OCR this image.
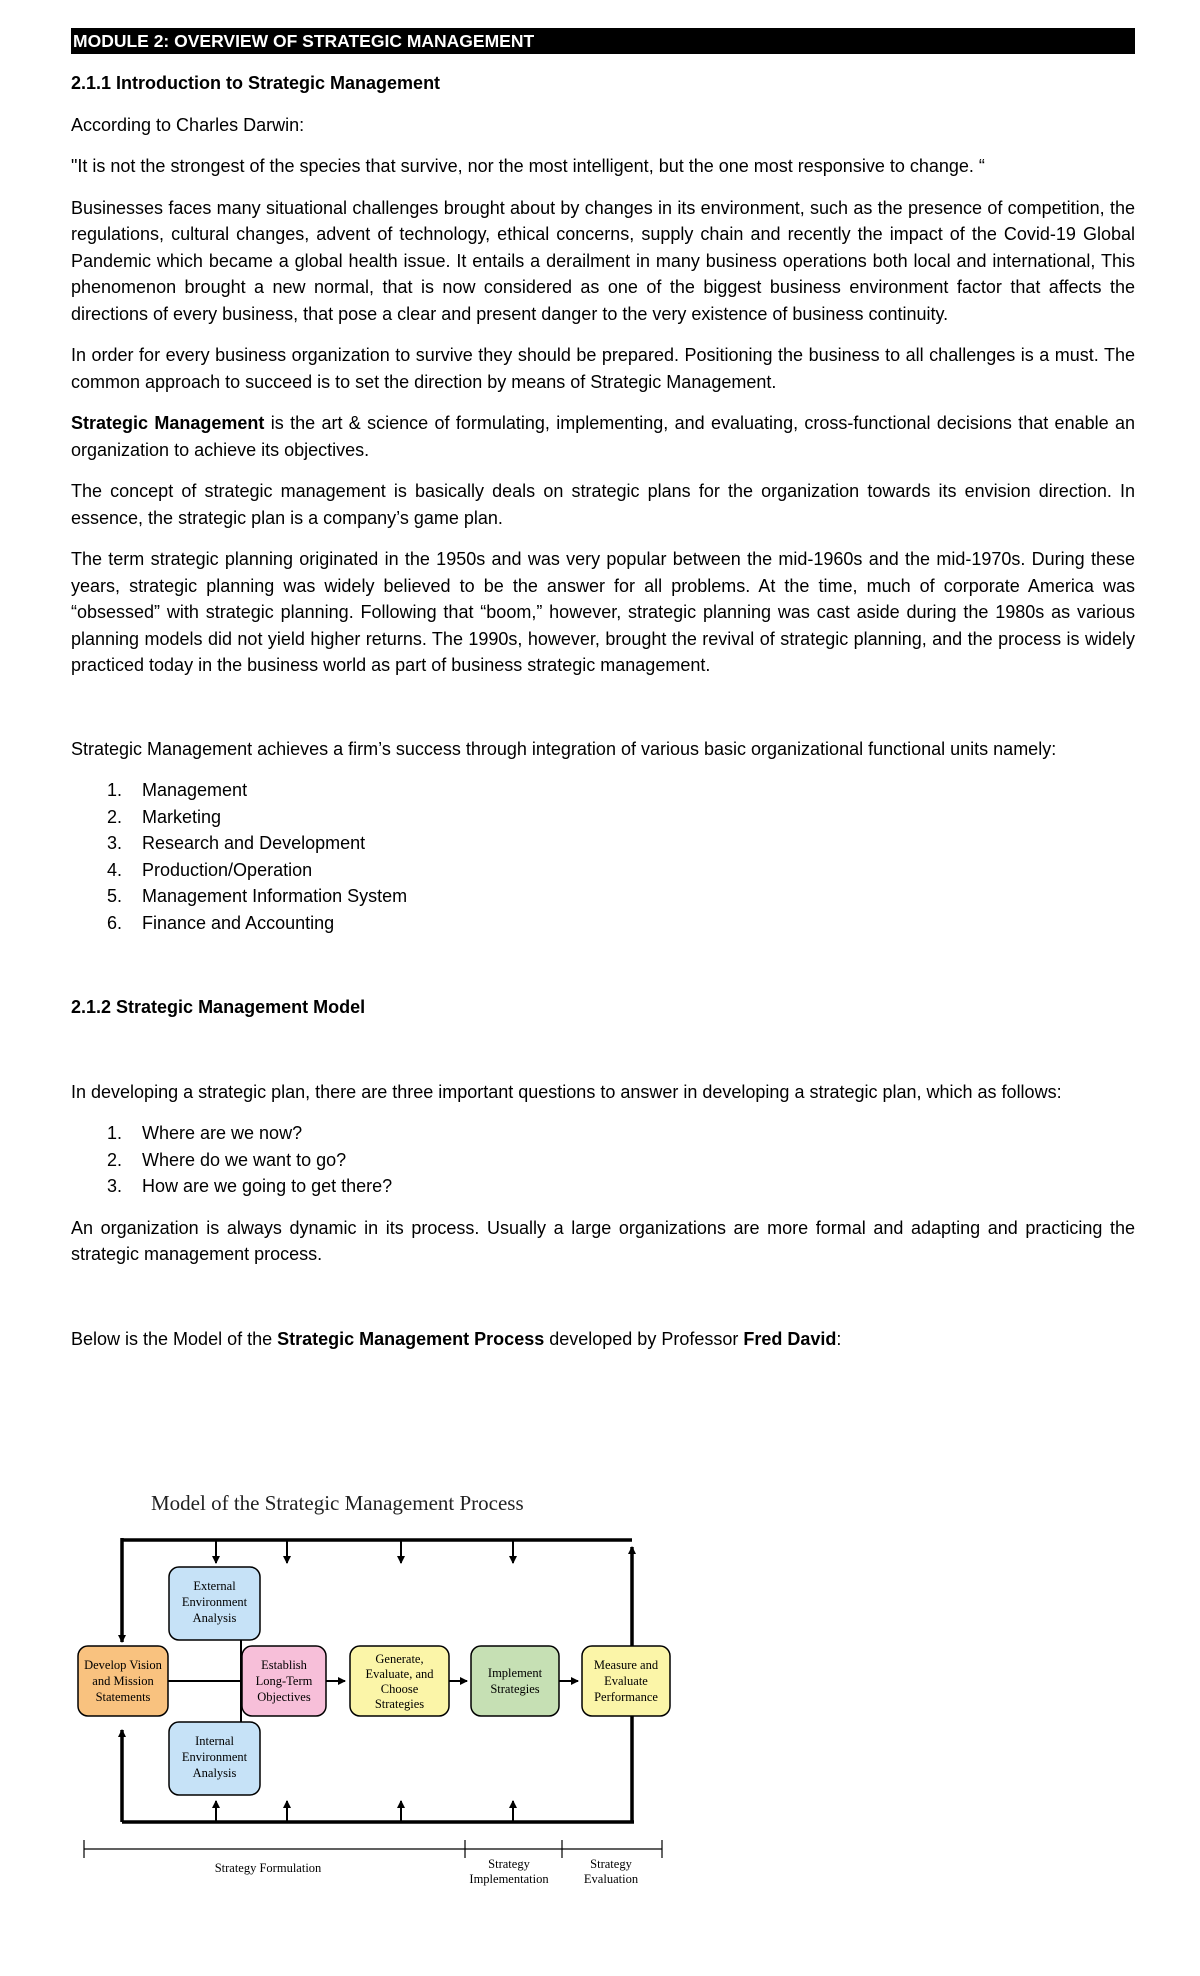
MODULE 2: OVERVIEW OF STRATEGIC MANAGEMENT

2.1.1 Introduction to Strategic Management

According to Charles Darwin:

"It is not the strongest of the species that survive, nor the most intelligent, but the one most responsive to change. “

Businesses faces many situational challenges brought about by changes in its environment, such as the presence of competition, the regulations, cultural changes, advent of technology, ethical concerns, supply chain and recently the impact of the Covid-19 Global Pandemic which became a global health issue. It entails a derailment in many business operations both local and international, This phenomenon brought a new normal, that is now considered as one of the biggest business environment factor that affects the directions of every business, that pose a clear and present danger to the very existence of business continuity.

In order for every business organization to survive they should be prepared. Positioning the business to all challenges is a must. The common approach to succeed is to set the direction by means of Strategic Management.

Strategic Management is the art & science of formulating, implementing, and evaluating, cross-functional decisions that enable an organization to achieve its objectives.

The concept of strategic management is basically deals on strategic plans for the organization towards its envision direction. In essence, the strategic plan is a company’s game plan.

The term strategic planning originated in the 1950s and was very popular between the mid-1960s and the mid-1970s. During these years, strategic planning was widely believed to be the answer for all problems. At the time, much of corporate America was “obsessed” with strategic planning. Following that “boom,” however, strategic planning was cast aside during the 1980s as various planning models did not yield higher returns. The 1990s, however, brought the revival of strategic planning, and the process is widely practiced today in the business world as part of business strategic management.

Strategic Management achieves a firm’s success through integration of various basic organizational functional units namely:

1.	Management
2.	Marketing
3.	Research and Development
4.	Production/Operation
5.	Management Information System
6.	Finance and Accounting

2.1.2 Strategic Management Model

In developing a strategic plan, there are three important questions to answer in developing a strategic plan, which as follows:

1.	Where are we now?
2.	Where do we want to go?
3.	How are we going to get there?

An organization is always dynamic in its process. Usually a large organizations are more formal and adapting and practicing the strategic management process.

Below is the Model of the Strategic Management Process developed by Professor Fred David:

Model of the Strategic Management Process
External
Environment
Analysis
Develop Vision
and Mission
Statements
Establish
Long-Term
Objectives
Generate,
Evaluate, and
Choose
Strategies
Implement
Strategies
Measure and
Evaluate
Performance
Internal
Environment
Analysis
Strategy Formulation	Strategy
Implementation
Strategy
Evaluation
